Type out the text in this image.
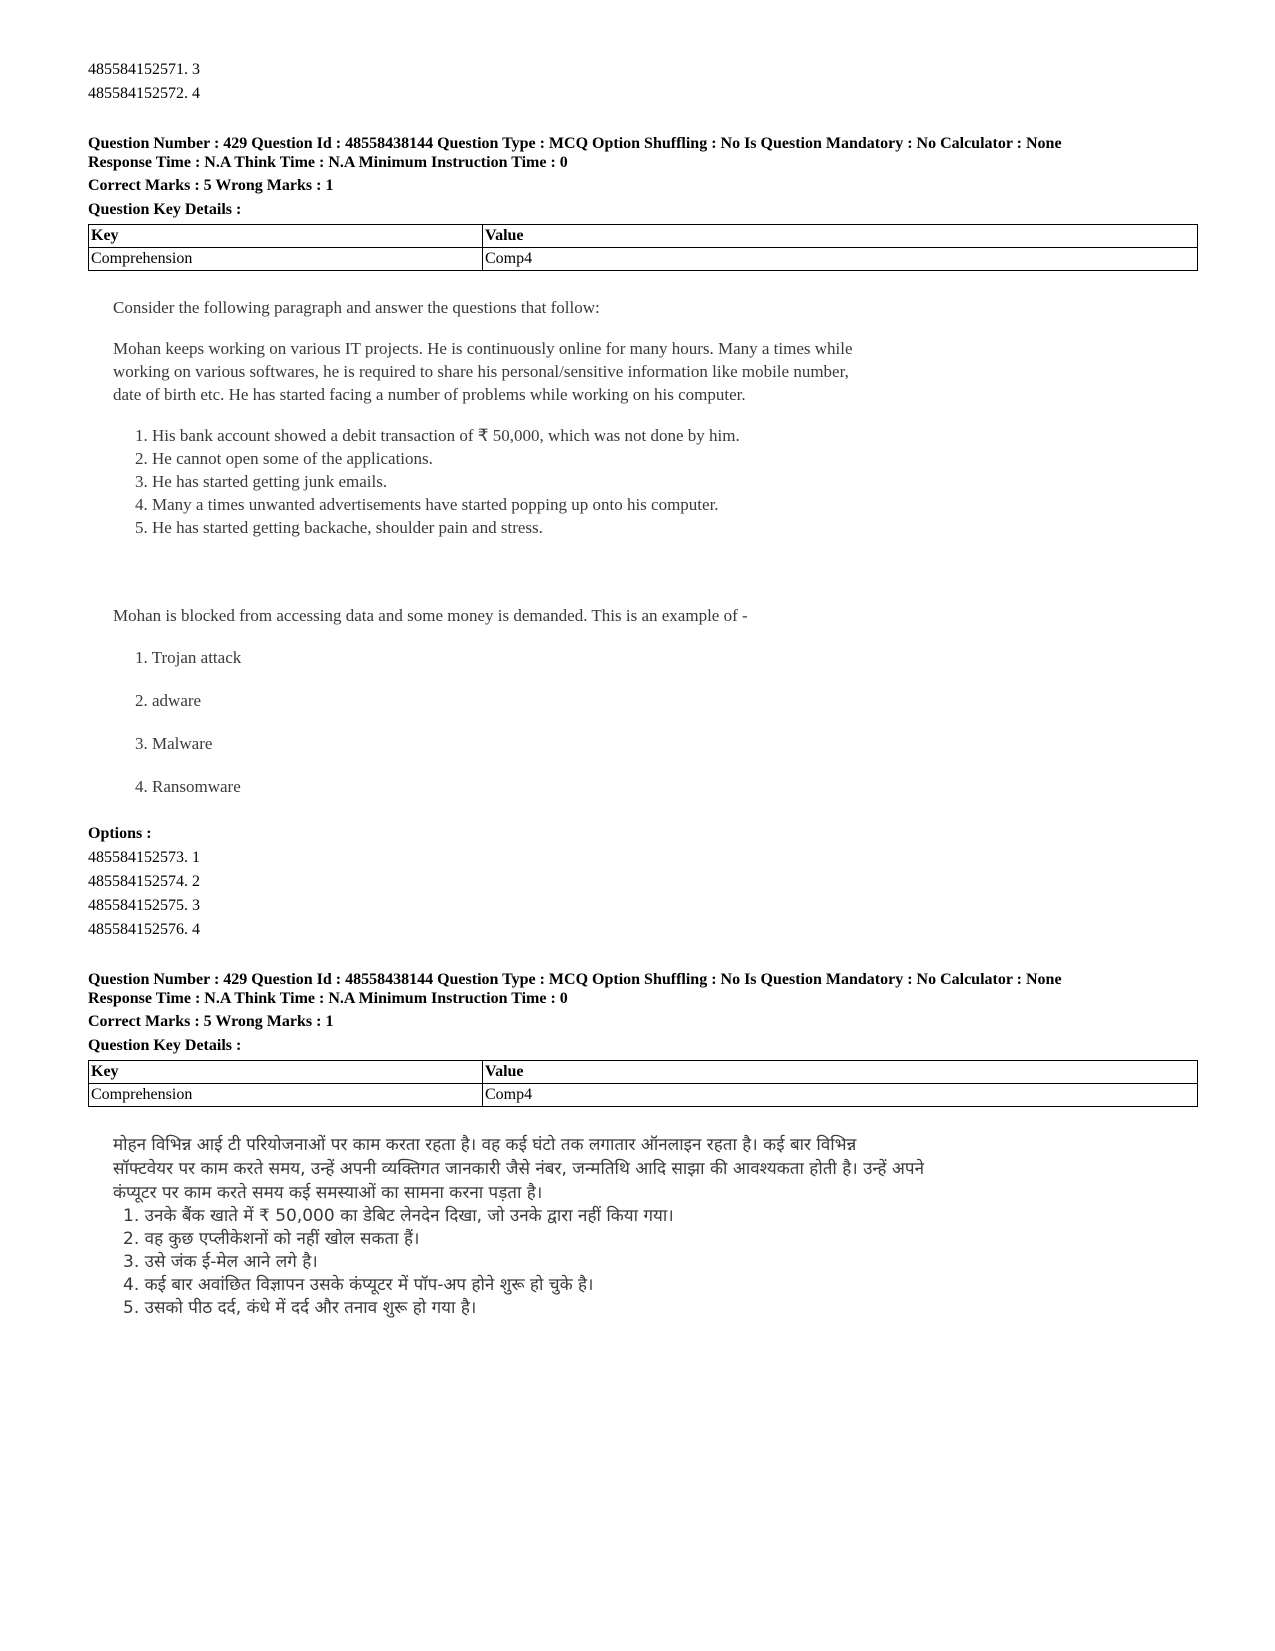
485584152571. 3
485584152572. 4
Question Number : 429 Question Id : 48558438144 Question Type : MCQ Option Shuffling : No Is Question Mandatory : No Calculator : None
Response Time : N.A Think Time : N.A Minimum Instruction Time : 0
Correct Marks : 5 Wrong Marks : 1
Question Key Details :
Key	Value
Comprehension	Comp4

Consider the following paragraph and answer the questions that follow:

Mohan keeps working on various IT projects. He is continuously online for many hours. Many a times while

working on various softwares, he is required to share his personal/sensitive information like mobile number,

date of birth etc. He has started facing a number of problems while working on his computer.

1. His bank account showed a debit transaction of ₹ 50,000, which was not done by him.
2. He cannot open some of the applications.
3. He has started getting junk emails.
4. Many a times unwanted advertisements have started popping up onto his computer.
5. He has started getting backache, shoulder pain and stress.

Mohan is blocked from accessing data and some money is demanded. This is an example of -

1. Trojan attack

2. adware

3. Malware

4. Ransomware

Options :
485584152573. 1
485584152574. 2
485584152575. 3
485584152576. 4
Question Number : 429 Question Id : 48558438144 Question Type : MCQ Option Shuffling : No Is Question Mandatory : No Calculator : None
Response Time : N.A Think Time : N.A Minimum Instruction Time : 0
Correct Marks : 5 Wrong Marks : 1
Question Key Details :
Key	Value
Comprehension	Comp4

मोहन विभिन्न आई टी परियोजनाओं पर काम करता रहता है। वह कई घंटो तक लगातार ऑनलाइन रहता है। कई बार विभिन्न

सॉफ्टवेयर पर काम करते समय, उन्हें अपनी व्यक्तिगत जानकारी जैसे नंबर, जन्मतिथि आदि साझा की आवश्यकता होती है। उन्हें अपने

कंप्यूटर पर काम करते समय कई समस्याओं का सामना करना पड़ता है।

1. उनके बैंक खाते में ₹ 50,000 का डेबिट लेनदेन दिखा, जो उनके द्वारा नहीं किया गया।
2. वह कुछ एप्लीकेशनों को नहीं खोल सकता हैं।
3. उसे जंक ई-मेल आने लगे है।
4. कई बार अवांछित विज्ञापन उसके कंप्यूटर में पॉप-अप होने शुरू हो चुके है।
5. उसको पीठ दर्द, कंधे में दर्द और तनाव शुरू हो गया है।
